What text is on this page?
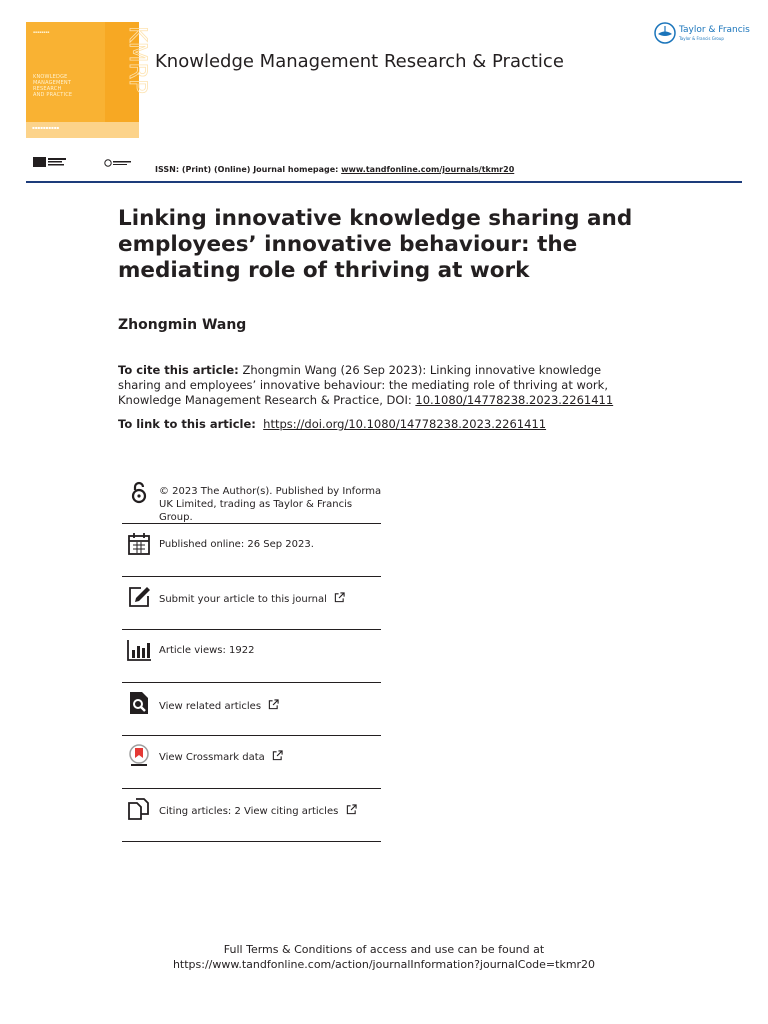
▪▪▪▪▪▪▪▪
KNOWLEDGE
MANAGEMENT
RESEARCH
AND PRACTICE
KMRP
▪▪▪▪▪▪▪▪▪▪
Knowledge Management Research & Practice
Taylor & Francis
Taylor & Francis Group
ISSN: (Print) (Online) Journal homepage: www.tandfonline.com/journals/tkmr20
Linking innovative knowledge sharing and employees’ innovative behaviour: the mediating role of thriving at work
Zhongmin Wang
To cite this article: Zhongmin Wang (26 Sep 2023): Linking innovative knowledge sharing and employees’ innovative behaviour: the mediating role of thriving at work, Knowledge Management Research & Practice, DOI: 10.1080/14778238.2023.2261411
To link to this article: https://doi.org/10.1080/14778238.2023.2261411
© 2023 The Author(s). Published by Informa UK Limited, trading as Taylor & Francis Group.
Published online: 26 Sep 2023.
Submit your article to this journal
Article views: 1922
View related articles
View Crossmark data
Citing articles: 2 View citing articles
Full Terms & Conditions of access and use can be found at
https://www.tandfonline.com/action/journalInformation?journalCode=tkmr20
